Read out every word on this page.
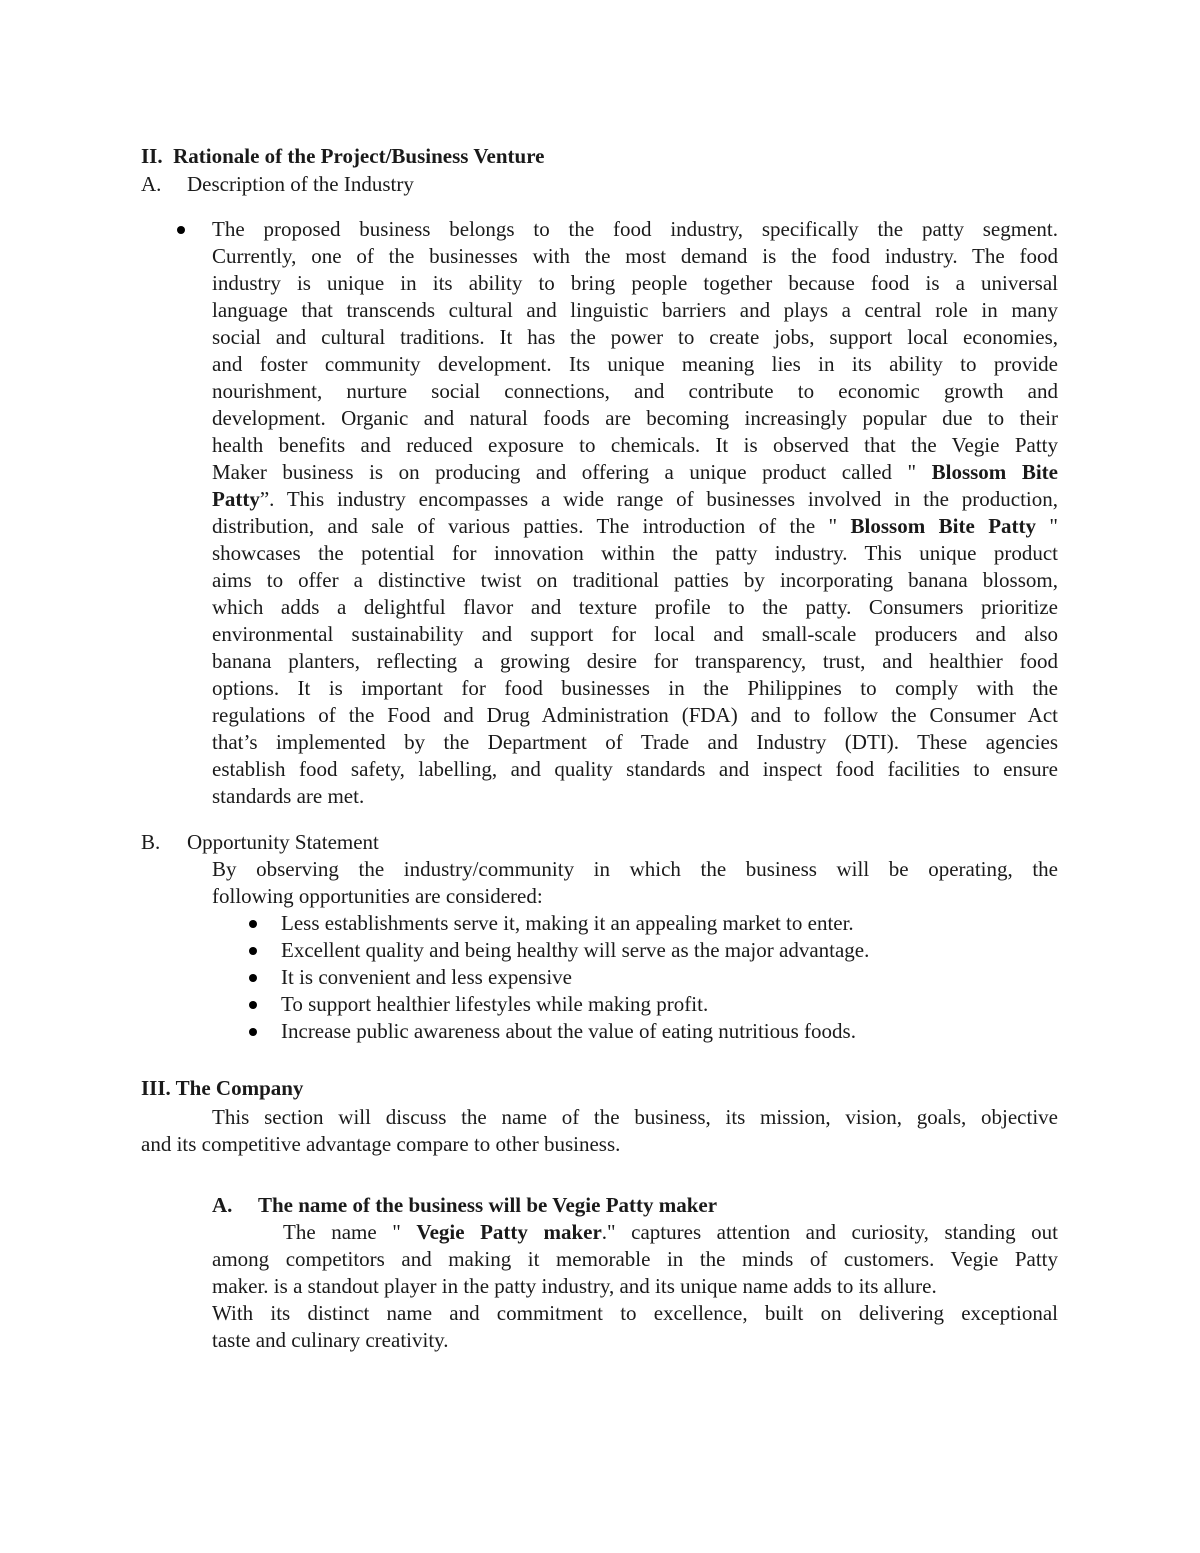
II. Rationale of the Project/Business Venture
A. Description of the Industry

The proposed business belongs to the food industry, specifically the patty segment.

Currently, one of the businesses with the most demand is the food industry. The food

industry is unique in its ability to bring people together because food is a universal

language that transcends cultural and linguistic barriers and plays a central role in many

social and cultural traditions. It has the power to create jobs, support local economies,

and foster community development. Its unique meaning lies in its ability to provide

nourishment, nurture social connections, and contribute to economic growth and

development. Organic and natural foods are becoming increasingly popular due to their

health benefits and reduced exposure to chemicals. It is observed that the Vegie Patty

Maker business is on producing and offering a unique product called " Blossom Bite

Patty”. This industry encompasses a wide range of businesses involved in the production,

distribution, and sale of various patties. The introduction of the " Blossom Bite Patty "

showcases the potential for innovation within the patty industry. This unique product

aims to offer a distinctive twist on traditional patties by incorporating banana blossom,

which adds a delightful flavor and texture profile to the patty. Consumers prioritize

environmental sustainability and support for local and small-scale producers and also

banana planters, reflecting a growing desire for transparency, trust, and healthier food

options. It is important for food businesses in the Philippines to comply with the

regulations of the Food and Drug Administration (FDA) and to follow the Consumer Act

that’s implemented by the Department of Trade and Industry (DTI). These agencies

establish food safety, labelling, and quality standards and inspect food facilities to ensure

standards are met.

B. Opportunity Statement

By observing the industry/community in which the business will be operating, the

following opportunities are considered:

Less establishments serve it, making it an appealing market to enter.
Excellent quality and being healthy will serve as the major advantage.
It is convenient and less expensive
To support healthier lifestyles while making profit.
Increase public awareness about the value of eating nutritious foods.
III. The Company

This section will discuss the name of the business, its mission, vision, goals, objective

and its competitive advantage compare to other business.

A. The name of the business will be Vegie Patty maker

The name " Vegie Patty maker." captures attention and curiosity, standing out

among competitors and making it memorable in the minds of customers. Vegie Patty

maker. is a standout player in the patty industry, and its unique name adds to its allure.

With its distinct name and commitment to excellence, built on delivering exceptional

taste and culinary creativity.
